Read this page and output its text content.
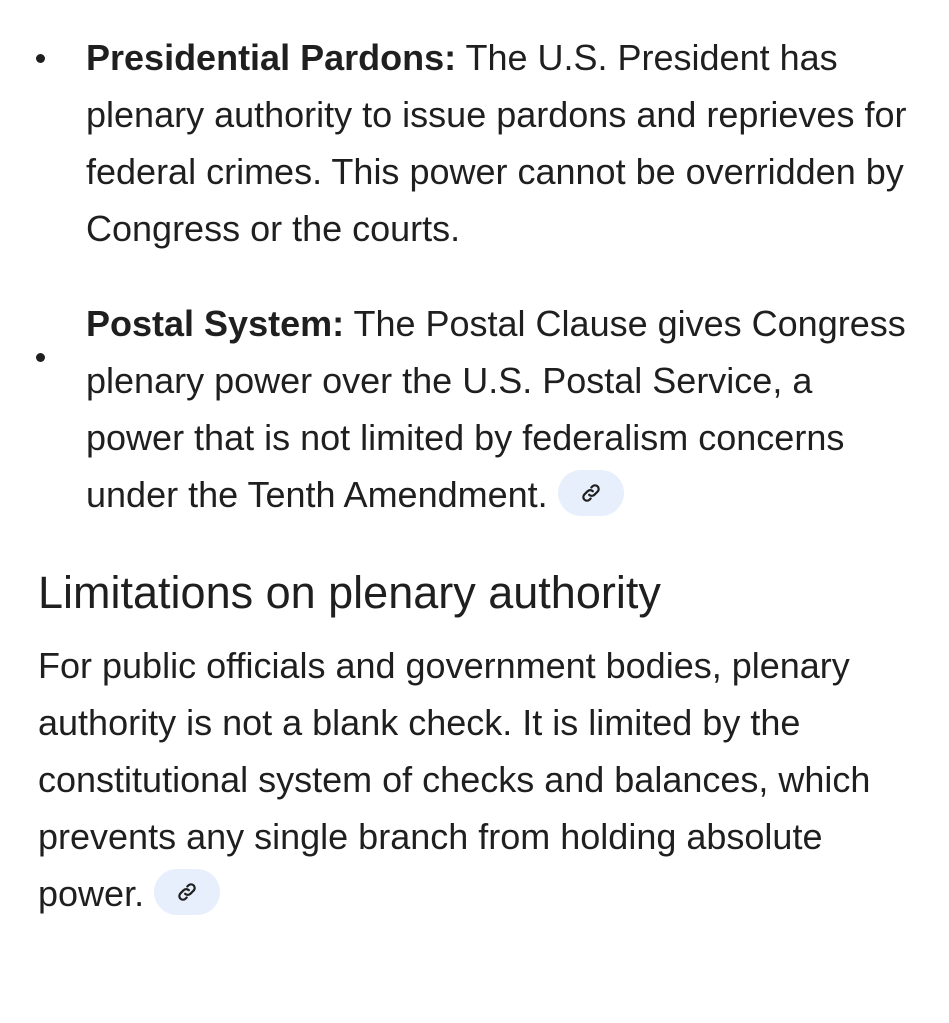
Presidential Pardons: The U.S. President has plenary authority to issue pardons and reprieves for federal crimes. This power cannot be overridden by Congress or the courts.
Postal System: The Postal Clause gives Congress plenary power over the U.S. Postal Service, a power that is not limited by federalism concerns under the Tenth Amendment.
Limitations on plenary authority

For public officials and government bodies, plenary authority is not a blank check. It is limited by the constitutional system of checks and balances, which prevents any single branch from holding absolute power.
